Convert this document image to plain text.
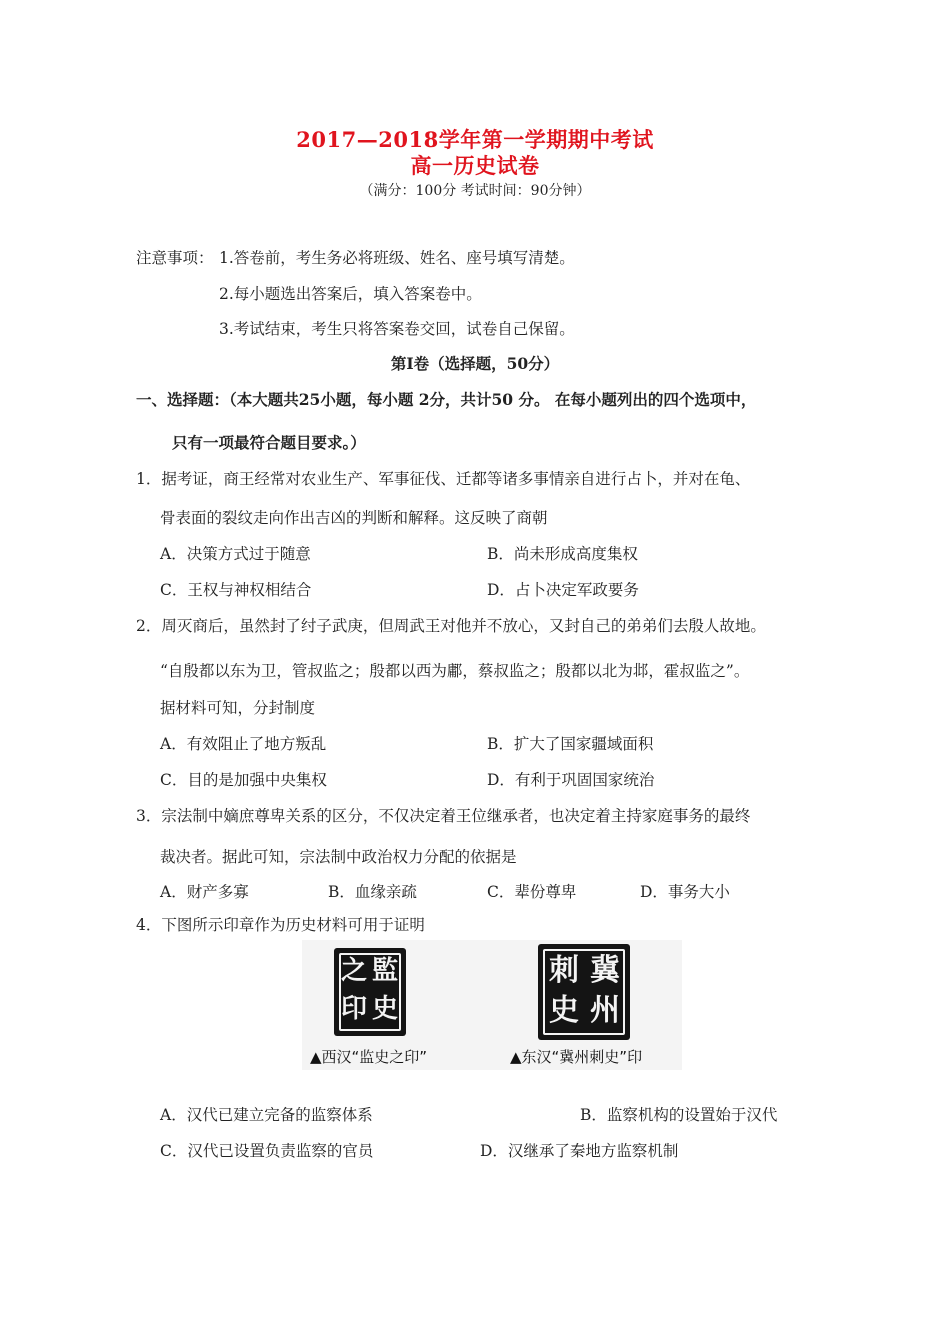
2017—2018学年第一学期期中考试
高一历史试卷
（满分：100分 考试时间：90分钟）
注意事项： 1.答卷前，考生务必将班级、姓名、座号填写清楚。
2.每小题选出答案后，填入答案卷中。
3.考试结束，考生只将答案卷交回，试卷自己保留。
第Ⅰ卷（选择题，50分）
一、选择题：（本大题共25小题，每小题 2分，共计50 分。 在每小题列出的四个选项中，
只有一项最符合题目要求。）
1．据考证，商王经常对农业生产、军事征伐、迁都等诸多事情亲自进行占卜，并对在龟、
骨表面的裂纹走向作出吉凶的判断和解释。这反映了商朝
A．决策方式过于随意	B．尚未形成高度集权
C．王权与神权相结合	D．占卜决定军政要务
2．周灭商后，虽然封了纣子武庚，但周武王对他并不放心，又封自己的弟弟们去殷人故地。
“自殷都以东为卫，管叔监之；殷都以西为鄘，蔡叔监之；殷都以北为邶，霍叔监之”。
据材料可知，分封制度
A．有效阻止了地方叛乱	B．扩大了国家疆域面积
C．目的是加强中央集权	D．有利于巩固国家统治
3．宗法制中嫡庶尊卑关系的区分，不仅决定着王位继承者，也决定着主持家庭事务的最终
裁决者。据此可知，宗法制中政治权力分配的依据是
A．财产多寡	B．血缘亲疏	C．辈份尊卑	D．事务大小
4．下图所示印章作为历史材料可用于证明
監
史
之
印
冀
州
刺
史
▲西汉“监史之印”	▲东汉“冀州刺史”印
A．汉代已建立完备的监察体系	B．监察机构的设置始于汉代
C．汉代已设置负责监察的官员	D．汉继承了秦地方监察机制
